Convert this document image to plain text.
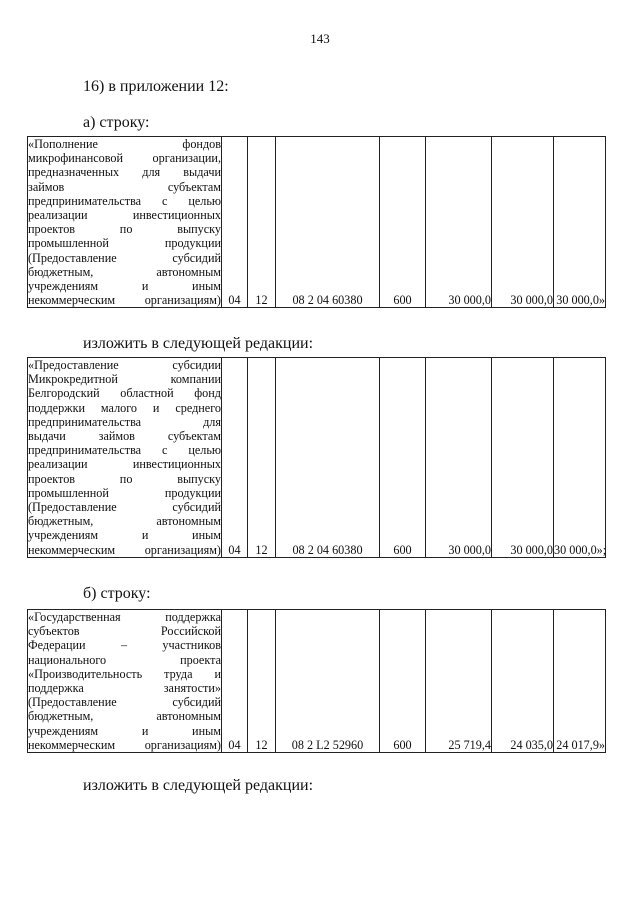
143
16) в приложении 12:
а) строку:
«Пополнение фондов
микрофинансовой организации,
предназначенных для выдачи
займов субъектам
предпринимательства с целью
реализации инвестиционных
проектов по выпуску
промышленной продукции
(Предоставление субсидий
бюджетным, автономным
учреждениям и иным
некоммерческим организациям)	04	12	08 2 04 60380	600	30 000,0	30 000,0	30 000,0»
изложить в следующей редакции:
«Предоставление субсидии
Микрокредитной компании
Белгородский областной фонд
поддержки малого и среднего
предпринимательства для
выдачи займов субъектам
предпринимательства с целью
реализации инвестиционных
проектов по выпуску
промышленной продукции
(Предоставление субсидий
бюджетным, автономным
учреждениям и иным
некоммерческим организациям)	04	12	08 2 04 60380	600	30 000,0	30 000,0	30 000,0»;
б) строку:
«Государственная поддержка
субъектов Российской
Федерации – участников
национального проекта
«Производительность труда и
поддержка занятости»
(Предоставление субсидий
бюджетным, автономным
учреждениям и иным
некоммерческим организациям)	04	12	08 2 L2 52960	600	25 719,4	24 035,0	24 017,9»
изложить в следующей редакции:
